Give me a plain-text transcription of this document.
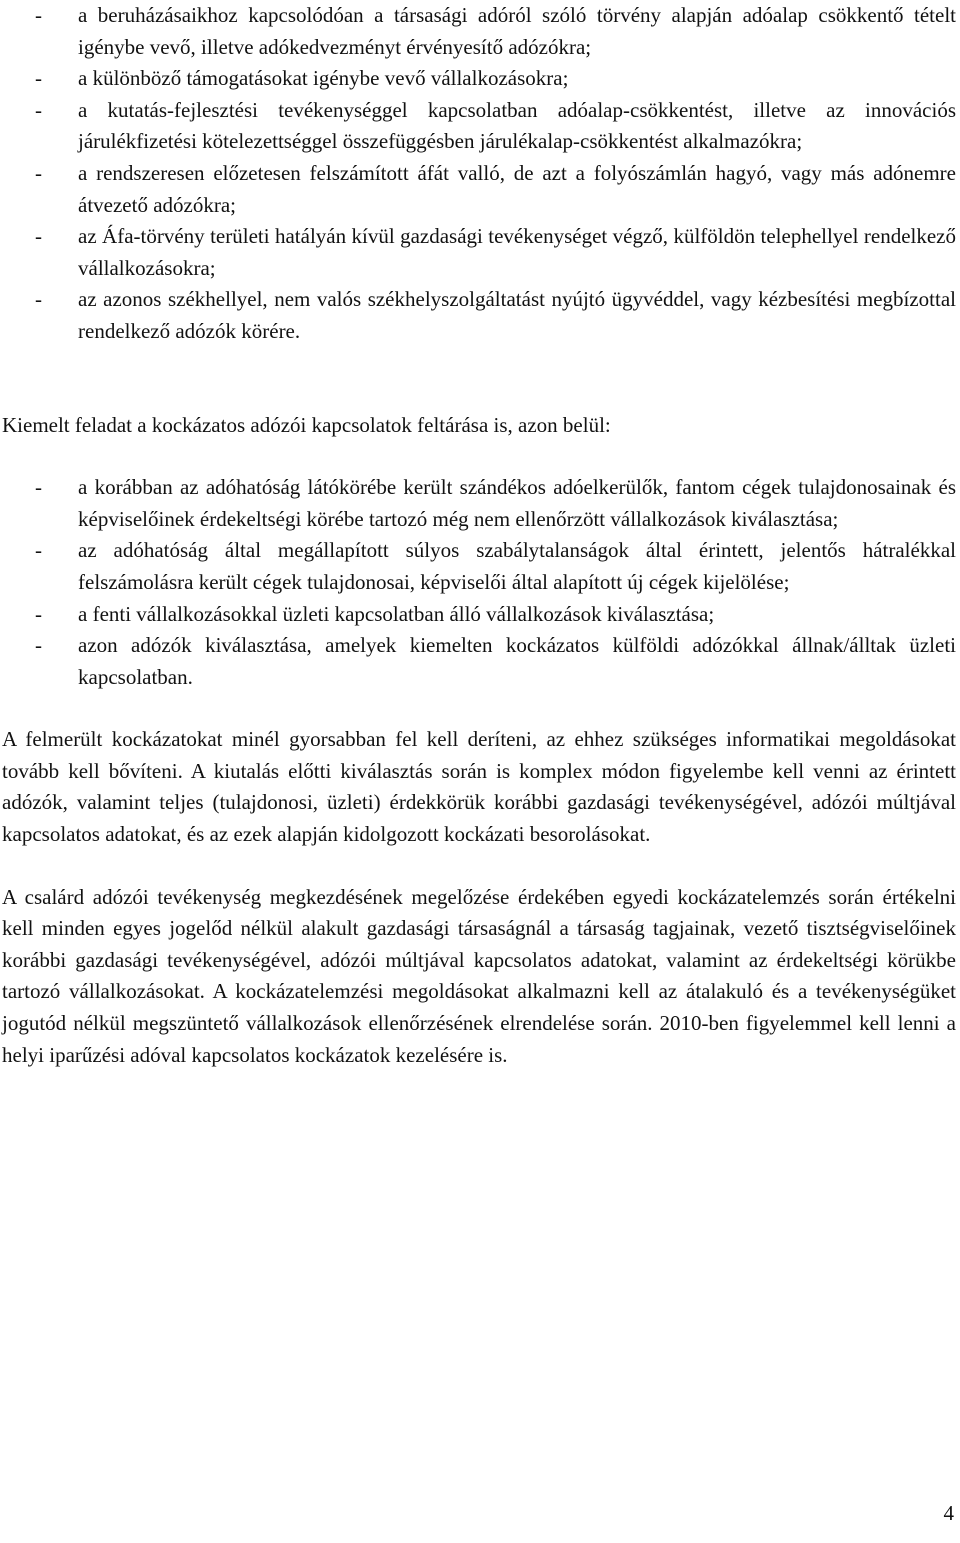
- a beruházásaikhoz kapcsolódóan a társasági adóról szóló törvény alapján adóalap csökkentő tételt igénybe vevő, illetve adókedvezményt érvényesítő adózókra;
- a különböző támogatásokat igénybe vevő vállalkozásokra;
- a kutatás-fejlesztési tevékenységgel kapcsolatban adóalap-csökkentést, illetve az innovációs járulékfizetési kötelezettséggel összefüggésben járulékalap-csökkentést alkalmazókra;
- a rendszeresen előzetesen felszámított áfát valló, de azt a folyószámlán hagyó, vagy más adónemre átvezető adózókra;
- az Áfa-törvény területi hatályán kívül gazdasági tevékenységet végző, külföldön telephellyel rendelkező vállalkozásokra;
- az azonos székhellyel, nem valós székhelyszolgáltatást nyújtó ügyvéddel, vagy kézbesítési megbízottal rendelkező adózók körére.

Kiemelt feladat a kockázatos adózói kapcsolatok feltárása is, azon belül:

- a korábban az adóhatóság látókörébe került szándékos adóelkerülők, fantom cégek tulajdonosainak és képviselőinek érdekeltségi körébe tartozó még nem ellenőrzött vállalkozások kiválasztása;
- az adóhatóság által megállapított súlyos szabálytalanságok által érintett, jelentős hátralékkal felszámolásra került cégek tulajdonosai, képviselői által alapított új cégek kijelölése;
- a fenti vállalkozásokkal üzleti kapcsolatban álló vállalkozások kiválasztása;
- azon adózók kiválasztása, amelyek kiemelten kockázatos külföldi adózókkal állnak/álltak üzleti kapcsolatban.

A felmerült kockázatokat minél gyorsabban fel kell deríteni, az ehhez szükséges informatikai megoldásokat tovább kell bővíteni. A kiutalás előtti kiválasztás során is komplex módon figyelembe kell venni az érintett adózók, valamint teljes (tulajdonosi, üzleti) érdekkörük korábbi gazdasági tevékenységével, adózói múltjával kapcsolatos adatokat, és az ezek alapján kidolgozott kockázati besorolásokat.

A csalárd adózói tevékenység megkezdésének megelőzése érdekében egyedi kockázatelemzés során értékelni kell minden egyes jogelőd nélkül alakult gazdasági társaságnál a társaság tagjainak, vezető tisztségviselőinek korábbi gazdasági tevékenységével, adózói múltjával kapcsolatos adatokat, valamint az érdekeltségi körükbe tartozó vállalkozásokat. A kockázatelemzési megoldásokat alkalmazni kell az átalakuló és a tevékenységüket jogutód nélkül megszüntető vállalkozások ellenőrzésének elrendelése során. 2010-ben figyelemmel kell lenni a helyi iparűzési adóval kapcsolatos kockázatok kezelésére is.

4
